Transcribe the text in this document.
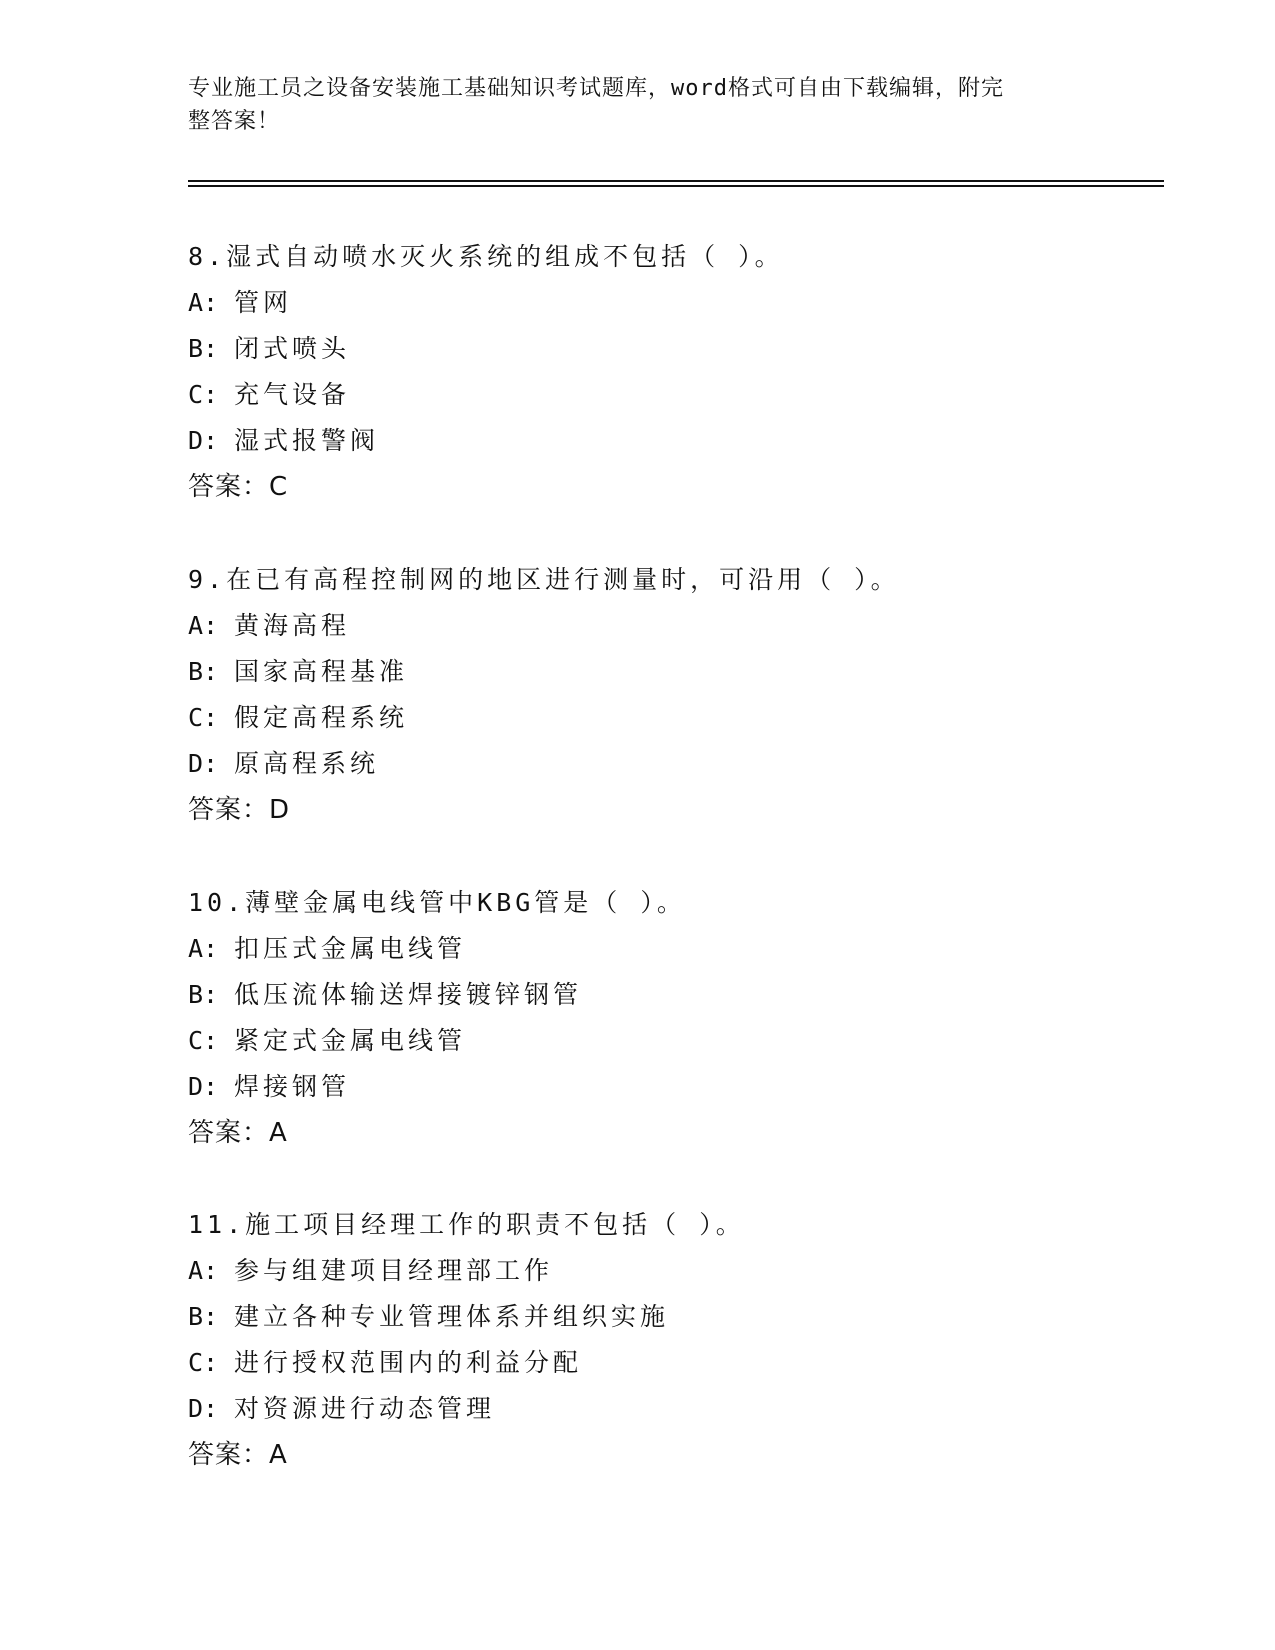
专业施工员之设备安装施工基础知识考试题库，word格式可自由下载编辑，附完
整答案！
8.湿式自动喷水灭火系统的组成不包括（ ）。
A: 管网
B: 闭式喷头
C: 充气设备
D: 湿式报警阀
答案：C
9.在已有高程控制网的地区进行测量时，可沿用（ ）。
A: 黄海高程
B: 国家高程基准
C: 假定高程系统
D: 原高程系统
答案：D
10.薄壁金属电线管中KBG管是（ ）。
A: 扣压式金属电线管
B: 低压流体输送焊接镀锌钢管
C: 紧定式金属电线管
D: 焊接钢管
答案：A
11.施工项目经理工作的职责不包括（ ）。
A: 参与组建项目经理部工作
B: 建立各种专业管理体系并组织实施
C: 进行授权范围内的利益分配
D: 对资源进行动态管理
答案：A
